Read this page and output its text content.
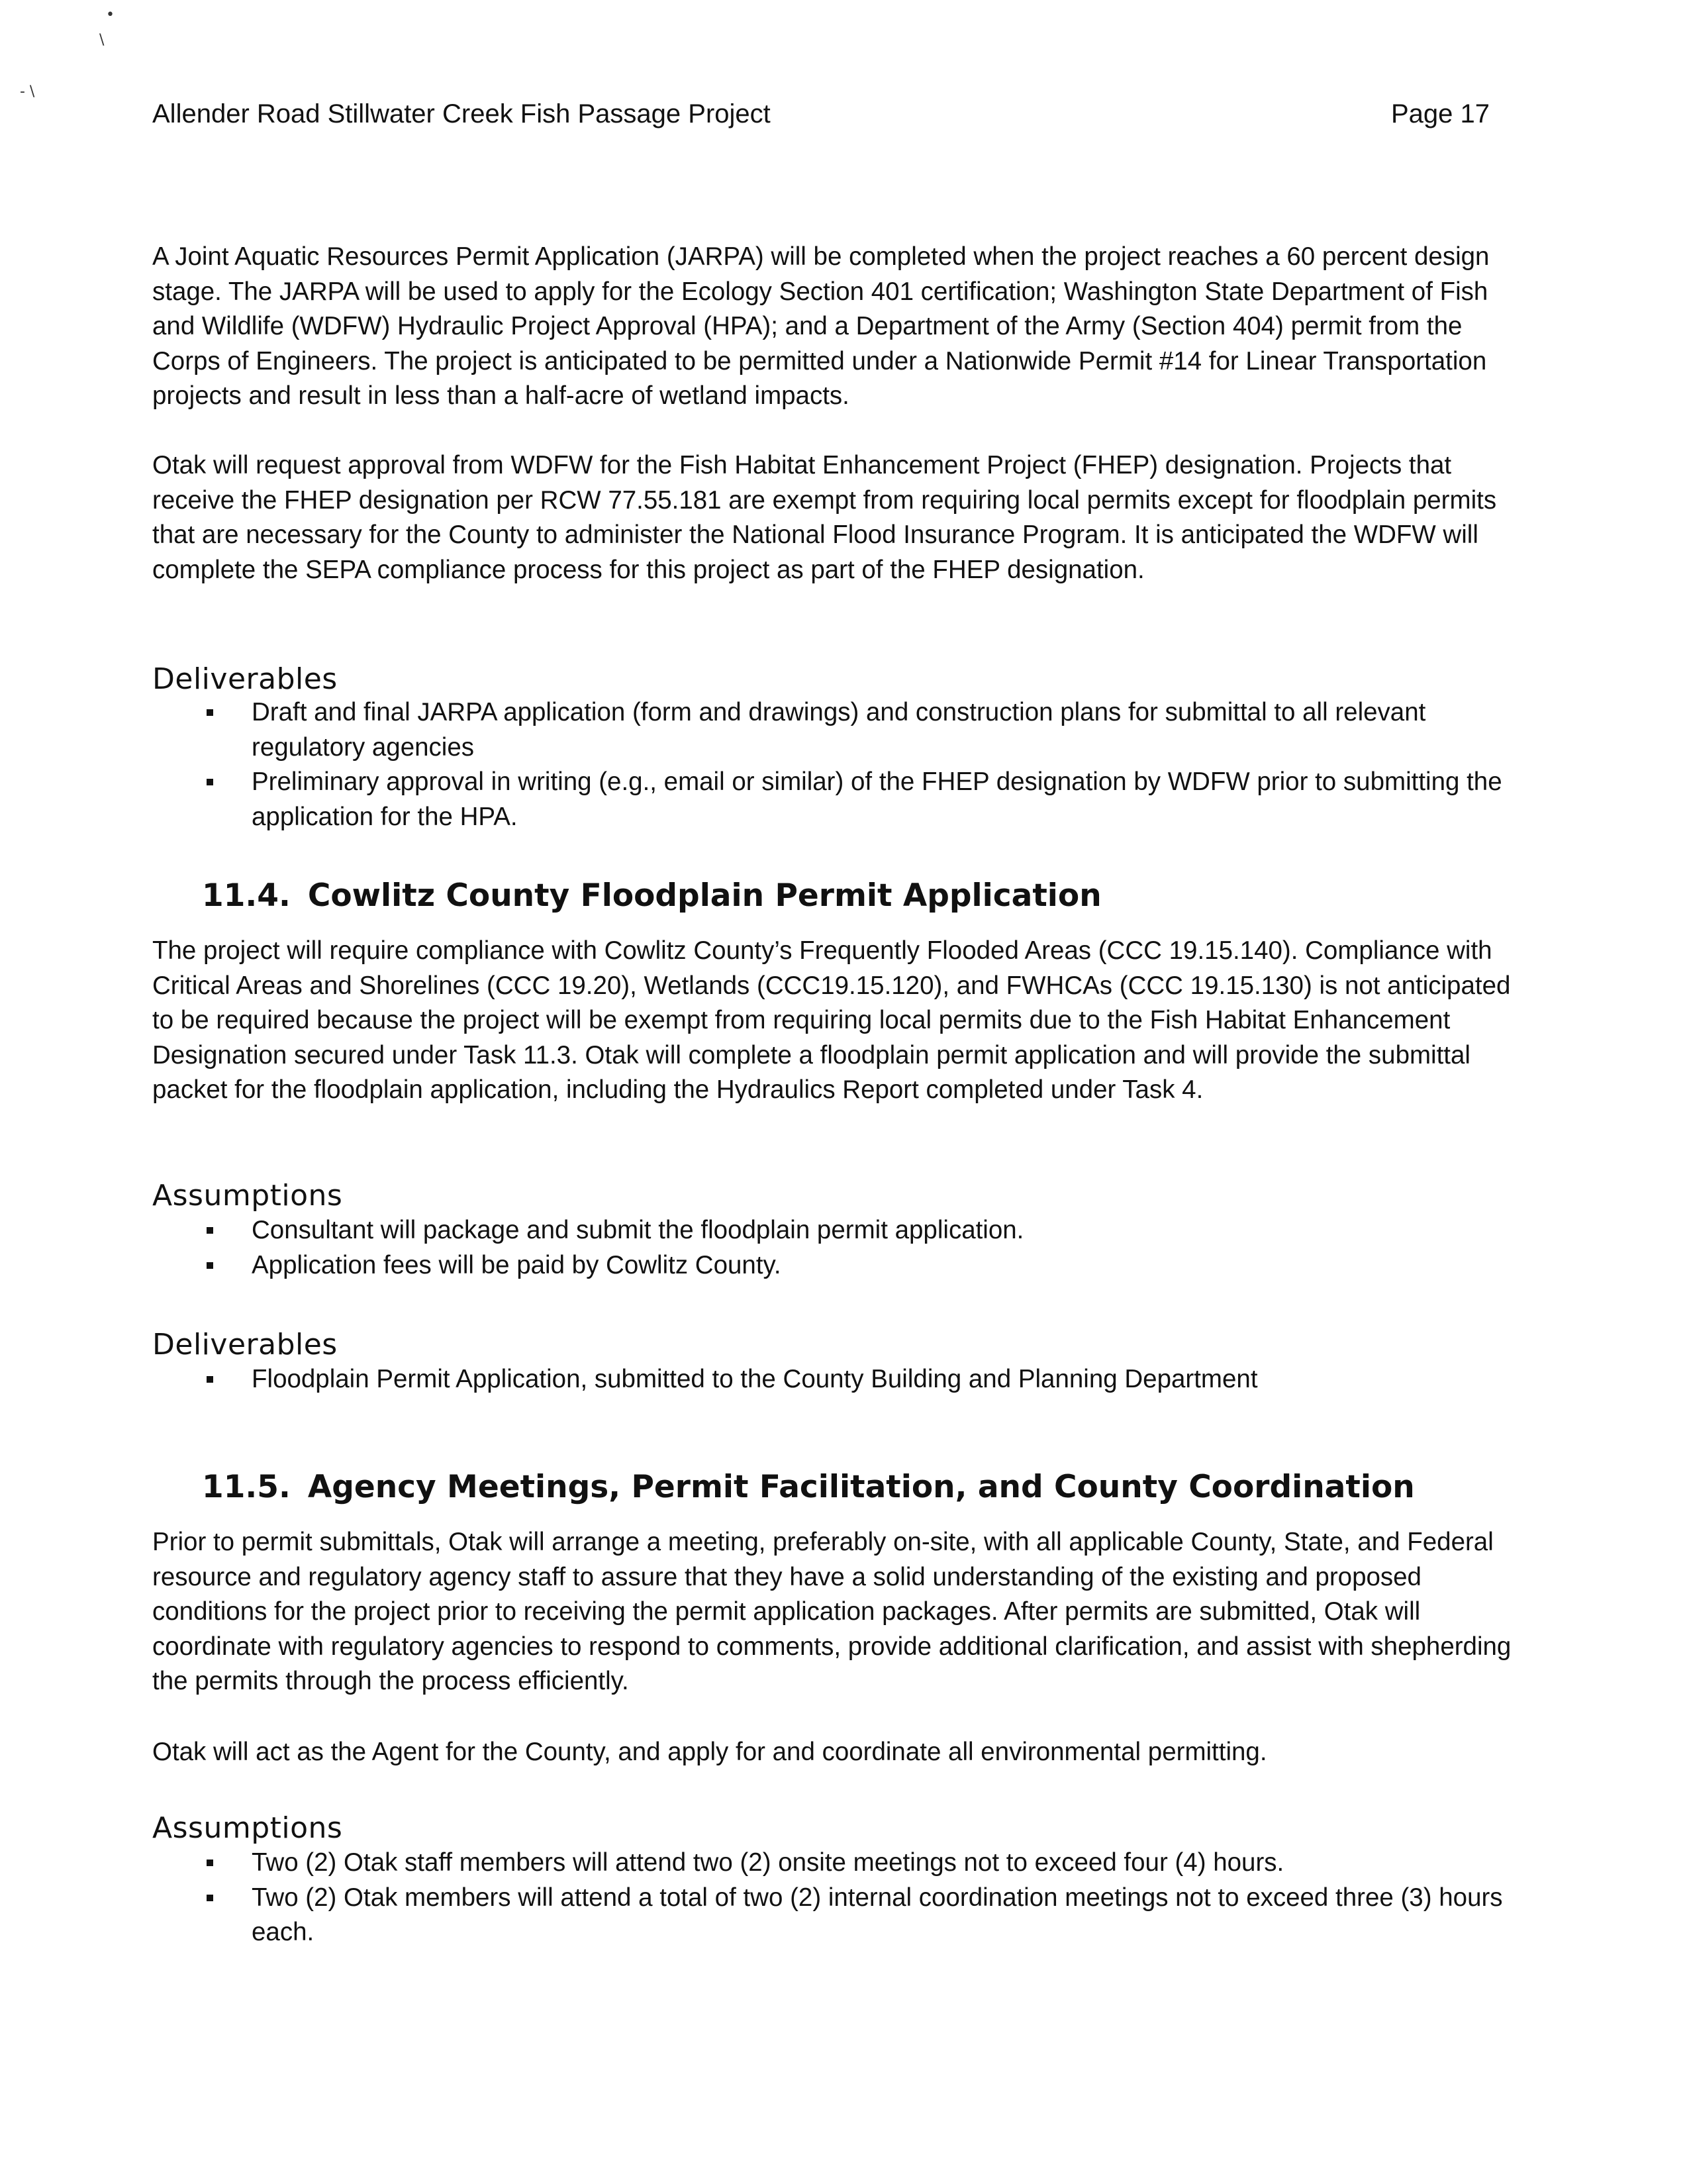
•
\
- \
Allender Road Stillwater Creek Fish Passage Project	Page 17

A Joint Aquatic Resources Permit Application (JARPA) will be completed when the project reaches a 60 percent design stage. The JARPA will be used to apply for the Ecology Section 401 certification; Washington State Department of Fish and Wildlife (WDFW) Hydraulic Project Approval (HPA); and a Department of the Army (Section 404) permit from the Corps of Engineers. The project is anticipated to be permitted under a Nationwide Permit #14 for Linear Transportation projects and result in less than a half-acre of wetland impacts.

Otak will request approval from WDFW for the Fish Habitat Enhancement Project (FHEP) designation. Projects that receive the FHEP designation per RCW 77.55.181 are exempt from requiring local permits except for floodplain permits that are necessary for the County to administer the National Flood Insurance Program. It is anticipated the WDFW will complete the SEPA compliance process for this project as part of the FHEP designation.

Deliverables
Draft and final JARPA application (form and drawings) and construction plans for submittal to all relevant regulatory agencies
Preliminary approval in writing (e.g., email or similar) of the FHEP designation by WDFW prior to submitting the application for the HPA.
11.4. Cowlitz County Floodplain Permit Application

The project will require compliance with Cowlitz County’s Frequently Flooded Areas (CCC 19.15.140). Compliance with Critical Areas and Shorelines (CCC 19.20), Wetlands (CCC19.15.120), and FWHCAs (CCC 19.15.130) is not anticipated to be required because the project will be exempt from requiring local permits due to the Fish Habitat Enhancement Designation secured under Task 11.3. Otak will complete a floodplain permit application and will provide the submittal packet for the floodplain application, including the Hydraulics Report completed under Task 4.

Assumptions
Consultant will package and submit the floodplain permit application.
Application fees will be paid by Cowlitz County.
Deliverables
Floodplain Permit Application, submitted to the County Building and Planning Department
11.5. Agency Meetings, Permit Facilitation, and County Coordination

Prior to permit submittals, Otak will arrange a meeting, preferably on-site, with all applicable County, State, and Federal resource and regulatory agency staff to assure that they have a solid understanding of the existing and proposed conditions for the project prior to receiving the permit application packages. After permits are submitted, Otak will coordinate with regulatory agencies to respond to comments, provide additional clarification, and assist with shepherding the permits through the process efficiently.

Otak will act as the Agent for the County, and apply for and coordinate all environmental permitting.

Assumptions
Two (2) Otak staff members will attend two (2) onsite meetings not to exceed four (4) hours.
Two (2) Otak members will attend a total of two (2) internal coordination meetings not to exceed three (3) hours each.
